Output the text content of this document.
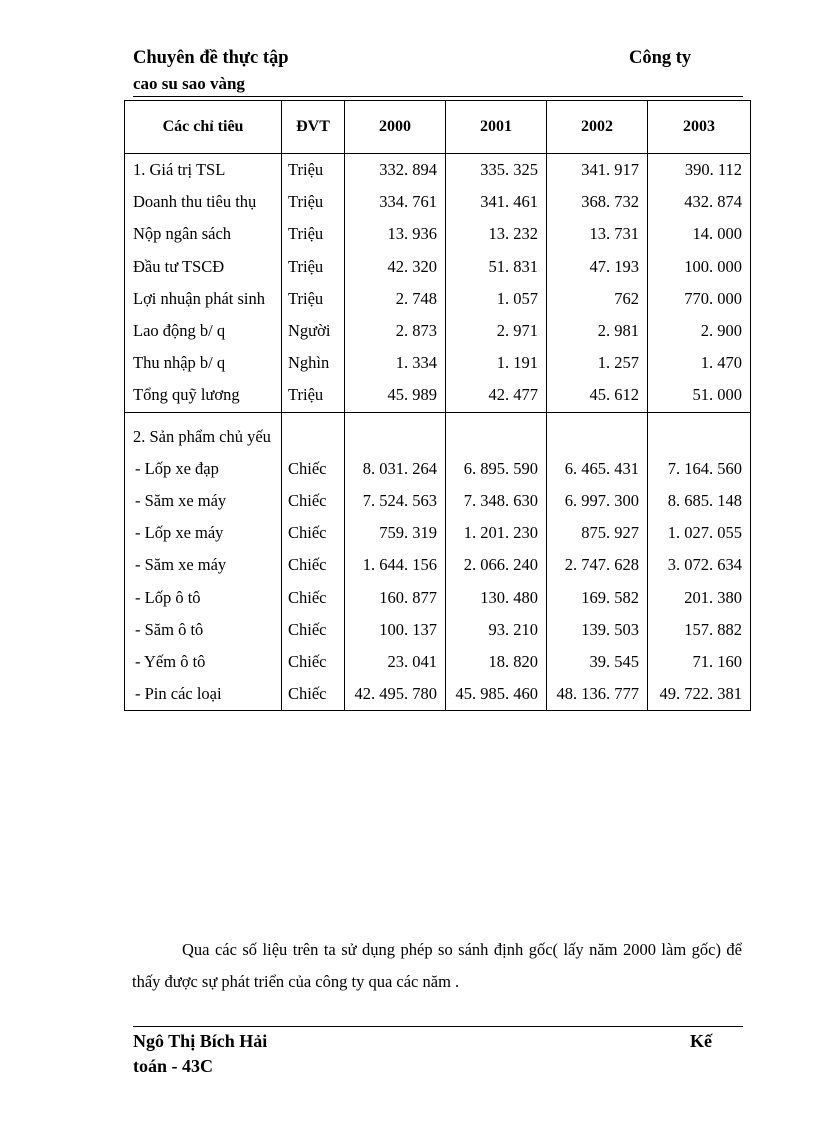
Chuyên đề thực tập	Công ty
cao su sao vàng
Các chỉ tiêu	ĐVT	2000	2001	2002	2003

1. Giá trị TSL	Triệu	332. 894	335. 325	341. 917	390. 112

Doanh thu tiêu thụ	Triệu	334. 761	341. 461	368. 732	432. 874

Nộp ngân sách	Triệu	13. 936	13. 232	13. 731	14. 000

Đầu tư TSCĐ	Triệu	42. 320	51. 831	47. 193	100. 000

Lợi nhuận phát sinh	Triệu	2. 748	1. 057	762	770. 000

Lao động b/ q	Người	2. 873	2. 971	2. 981	2. 900

Thu nhập b/ q	Nghìn	1. 334	1. 191	1. 257	1. 470

Tổng quỹ lương	Triệu	45. 989	42. 477	45. 612	51. 000

2. Sản phẩm chủ yếu					

- Lốp xe đạp	Chiếc	8. 031. 264	6. 895. 590	6. 465. 431	7. 164. 560

- Săm xe máy	Chiếc	7. 524. 563	7. 348. 630	6. 997. 300	8. 685. 148

- Lốp xe máy	Chiếc	759. 319	1. 201. 230	875. 927	1. 027. 055

- Săm xe máy	Chiếc	1. 644. 156	2. 066. 240	2. 747. 628	3. 072. 634

- Lốp ô tô	Chiếc	160. 877	130. 480	169. 582	201. 380

- Săm ô tô	Chiếc	100. 137	93. 210	139. 503	157. 882

- Yếm ô tô	Chiếc	23. 041	18. 820	39. 545	71. 160

- Pin các loại	Chiếc	42. 495. 780	45. 985. 460	48. 136. 777	49. 722. 381
Qua các số liệu trên ta sử dụng phép so sánh định gốc( lấy năm 2000 làm gốc) để thấy được sự phát triển của công ty qua các năm .
Ngô Thị Bích Hải	Kế
toán - 43C
